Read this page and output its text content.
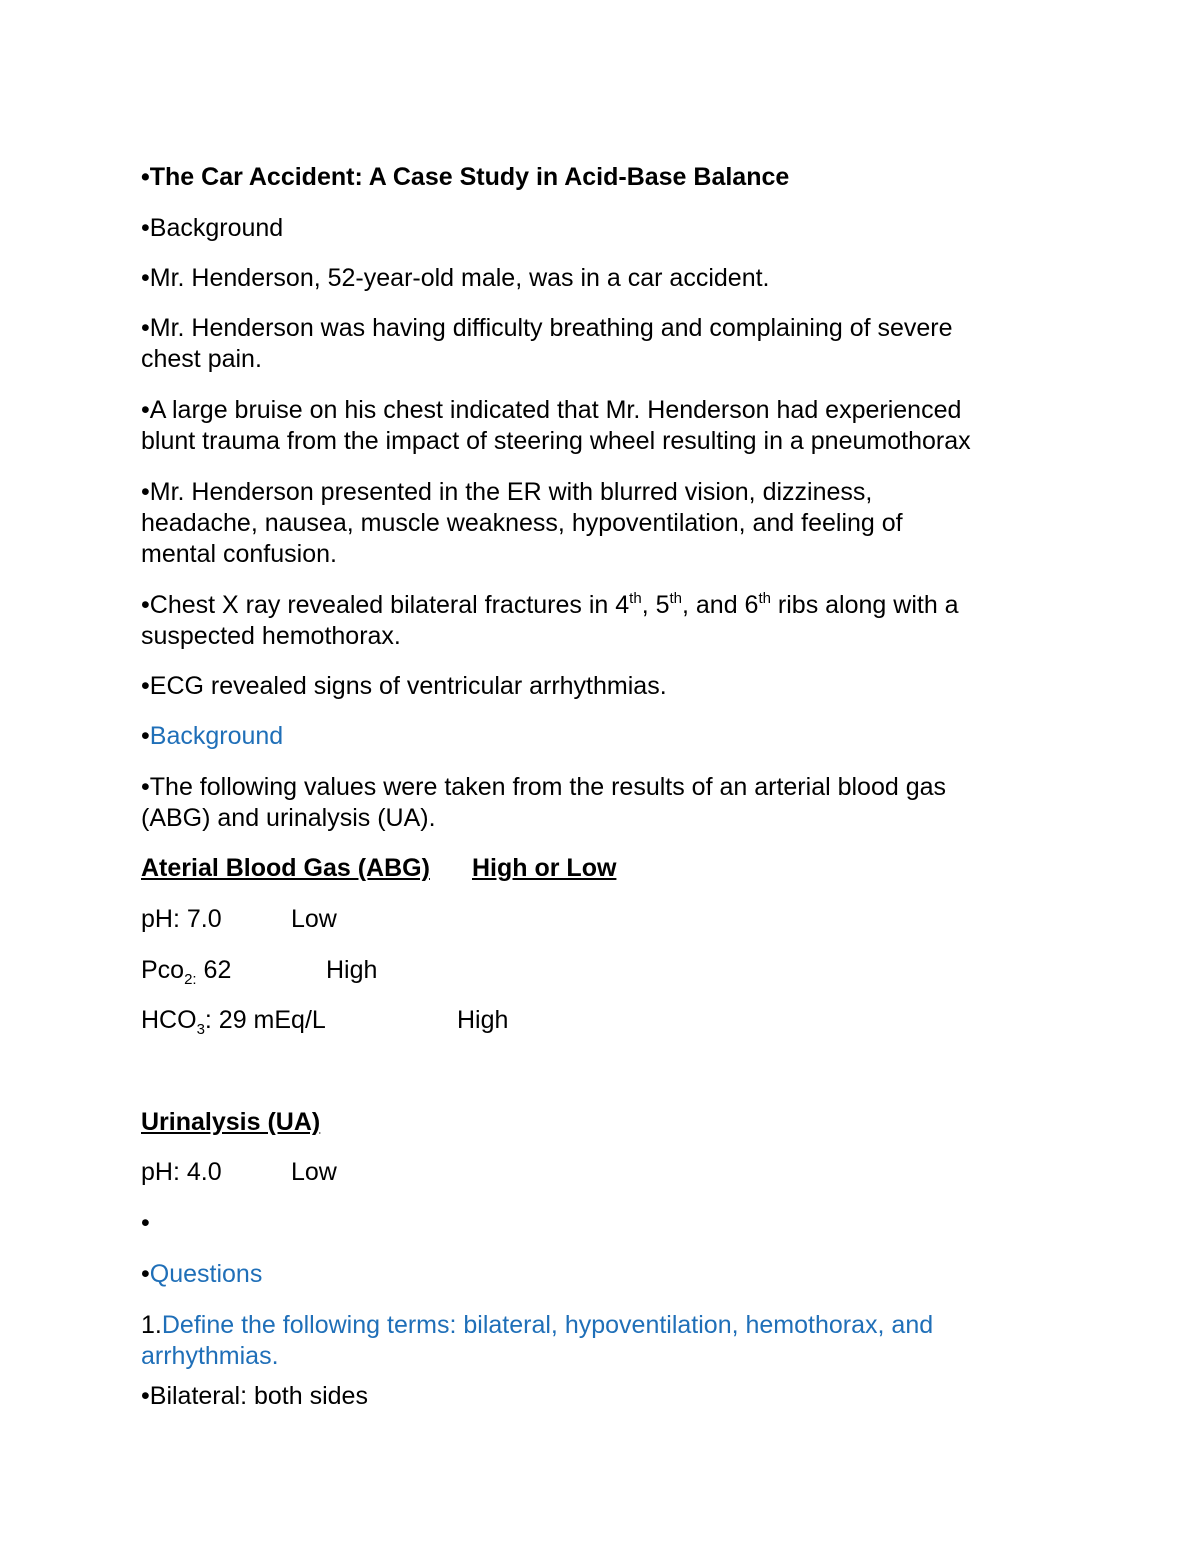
•The Car Accident: A Case Study in Acid-Base Balance
•Background
•Mr. Henderson, 52-year-old male, was in a car accident.
•Mr. Henderson was having difficulty breathing and complaining of severe
chest pain.
•A large bruise on his chest indicated that Mr. Henderson had experienced
blunt trauma from the impact of steering wheel resulting in a pneumothorax
•Mr. Henderson presented in the ER with blurred vision, dizziness,
headache, nausea, muscle weakness, hypoventilation, and feeling of
mental confusion.
•Chest X ray revealed bilateral fractures in 4th, 5th, and 6th ribs along with a
suspected hemothorax.
•ECG revealed signs of ventricular arrhythmias.
•Background
•The following values were taken from the results of an arterial blood gas
(ABG) and urinalysis (UA).
Aterial Blood Gas (ABG) High or Low
pH: 7.0	Low
Pco$_{2:}$ 62	High
$HCO_3$: 29 mEq/L	High
Urinalysis (UA)
pH: 4.0	Low
•
•Questions
1.Define the following terms: bilateral, hypoventilation, hemothorax, and
arrhythmias.
•Bilateral: both sides
